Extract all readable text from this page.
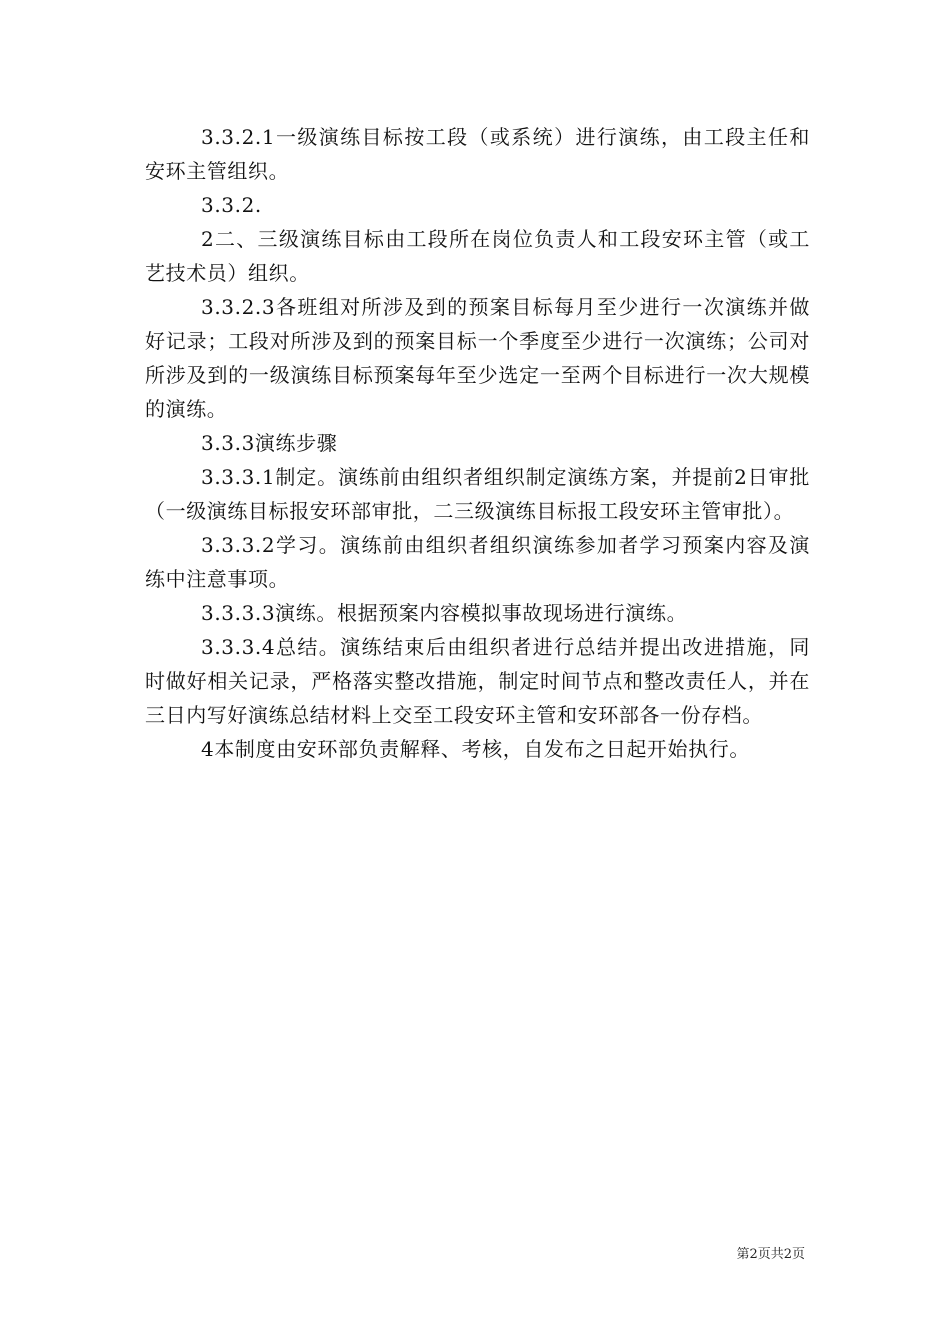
3.3.2.1一级演练目标按工段（或系统）进行演练，由工段主任和安环主管组织。

3.3.2.

2二、三级演练目标由工段所在岗位负责人和工段安环主管（或工艺技术员）组织。

3.3.2.3各班组对所涉及到的预案目标每月至少进行一次演练并做好记录；工段对所涉及到的预案目标一个季度至少进行一次演练；公司对所涉及到的一级演练目标预案每年至少选定一至两个目标进行一次大规模的演练。

3.3.3演练步骤

3.3.3.1制定。演练前由组织者组织制定演练方案，并提前2日审批（一级演练目标报安环部审批，二三级演练目标报工段安环主管审批）。

3.3.3.2学习。演练前由组织者组织演练参加者学习预案内容及演练中注意事项。

3.3.3.3演练。根据预案内容模拟事故现场进行演练。

3.3.3.4总结。演练结束后由组织者进行总结并提出改进措施，同时做好相关记录，严格落实整改措施，制定时间节点和整改责任人，并在三日内写好演练总结材料上交至工段安环主管和安环部各一份存档。

4本制度由安环部负责解释、考核，自发布之日起开始执行。

第2页共2页
